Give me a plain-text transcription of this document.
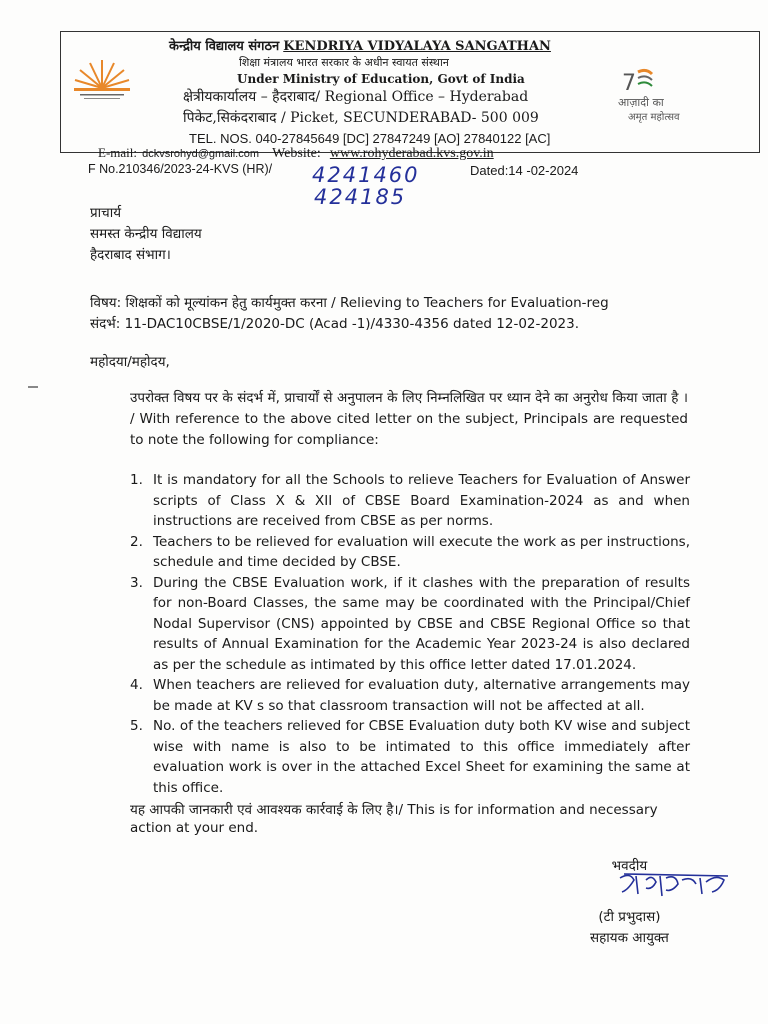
केन्द्रीय विद्यालय संगठन KENDRIYA VIDYALAYA SANGATHAN
शिक्षा मंत्रालय भारत सरकार के अधीन स्वायत संस्थान
Under Ministry of Education, Govt of India
क्षेत्रीयकार्यालय – हैदराबाद/ Regional Office – Hyderabad
पिकेट,सिकंदराबाद / Picket, SECUNDERABAD- 500 009
TEL. NOS. 040-27845649 [DC] 27847249 [AO] 27840122 [AC]
7
आज़ादी का
अमृत महोत्सव
E-mail: dckvsrohyd@gmail.com Website: www.rohyderabad.kvs.gov.in
F No.210346/2023-24-KVS (HR)/ 4241460
424185
Dated:14 -02-2024
प्राचार्य
समस्त केन्द्रीय विद्यालय
हैदराबाद संभाग।
विषय: शिक्षकों को मूल्यांकन हेतु कार्यमुक्त करना / Relieving to Teachers for Evaluation-reg
संदर्भ: 11-DAC10CBSE/1/2020-DC (Acad -1)/4330-4356 dated 12-02-2023.
महोदया/महोदय,
उपरोक्त विषय पर के संदर्भ में, प्राचार्यों से अनुपालन के लिए निम्नलिखित पर ध्यान देने का अनुरोध किया जाता है । / With reference to the above cited letter on the subject, Principals are requested to note the following for compliance:
1. It is mandatory for all the Schools to relieve Teachers for Evaluation of Answer scripts of Class X & XII of CBSE Board Examination-2024 as and when instructions are received from CBSE as per norms.
2. Teachers to be relieved for evaluation will execute the work as per instructions, schedule and time decided by CBSE.
3. During the CBSE Evaluation work, if it clashes with the preparation of results for non-Board Classes, the same may be coordinated with the Principal/Chief Nodal Supervisor (CNS) appointed by CBSE and CBSE Regional Office so that results of Annual Examination for the Academic Year 2023-24 is also declared as per the schedule as intimated by this office letter dated 17.01.2024.
4. When teachers are relieved for evaluation duty, alternative arrangements may be made at KV s so that classroom transaction will not be affected at all.
5. No. of the teachers relieved for CBSE Evaluation duty both KV wise and subject wise with name is also to be intimated to this office immediately after evaluation work is over in the attached Excel Sheet for examining the same at this office.
यह आपकी जानकारी एवं आवश्यक कार्रवाई के लिए है।/ This is for information and necessary
action at your end.
भवदीय
(टी प्रभुदास)
सहायक आयुक्त
